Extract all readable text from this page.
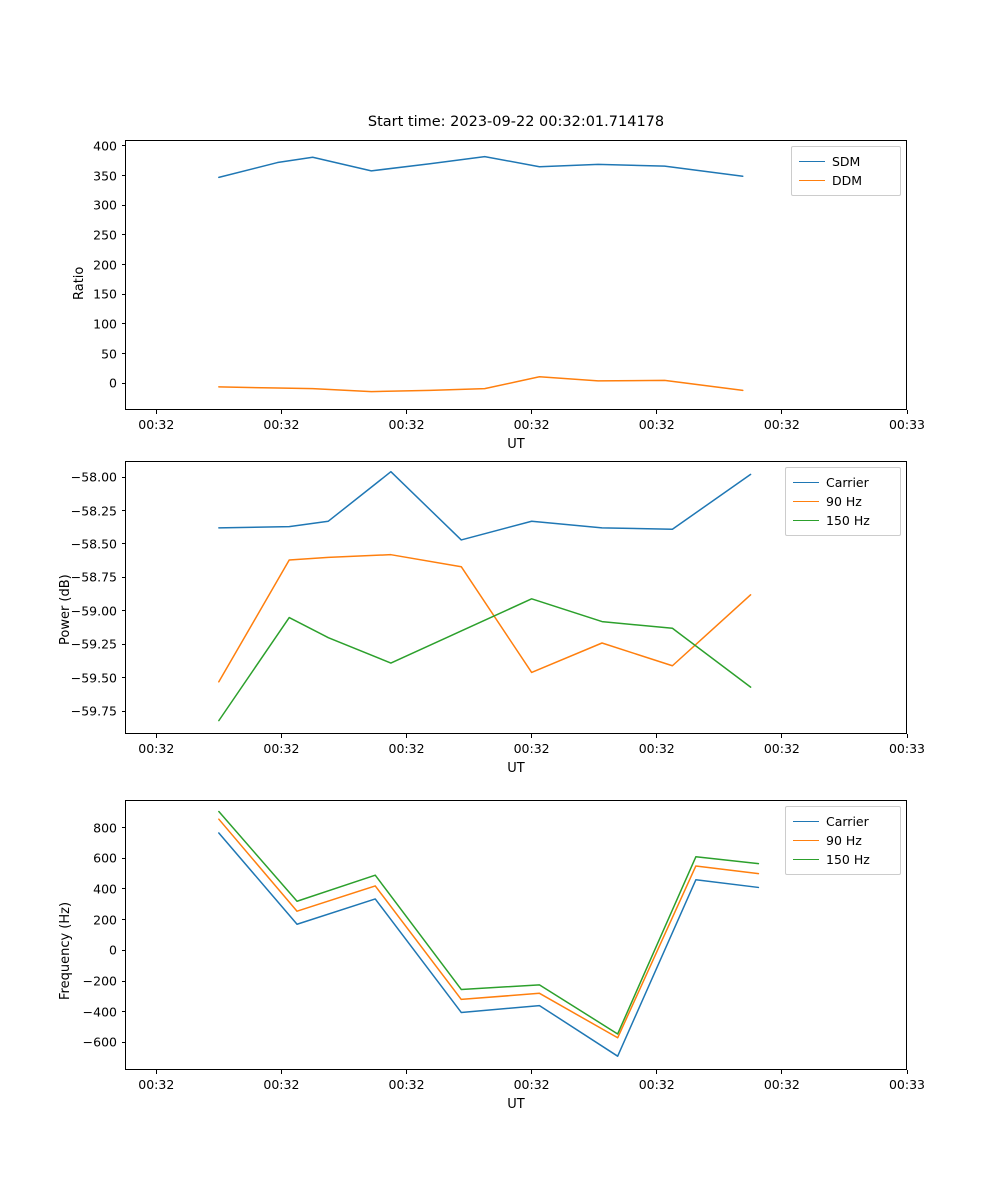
Start time: 2023-09-22 00:32:01.714178
SDM
DDM
Ratio
UT
00:32	00:32	00:32	00:32	00:32	00:32	00:33
0
50
100
150
200
250
300
350
400
Carrier
90 Hz
150 Hz
Power (dB)
UT
00:32	00:32	00:32	00:32	00:32	00:32	00:33
−58.00
−58.25
−58.50
−58.75
−59.00
−59.25
−59.50
−59.75
Carrier
90 Hz
150 Hz
Frequency (Hz)
UT
00:32	00:32	00:32	00:32	00:32	00:32	00:33
800
600
400
200
0
−200
−400
−600
